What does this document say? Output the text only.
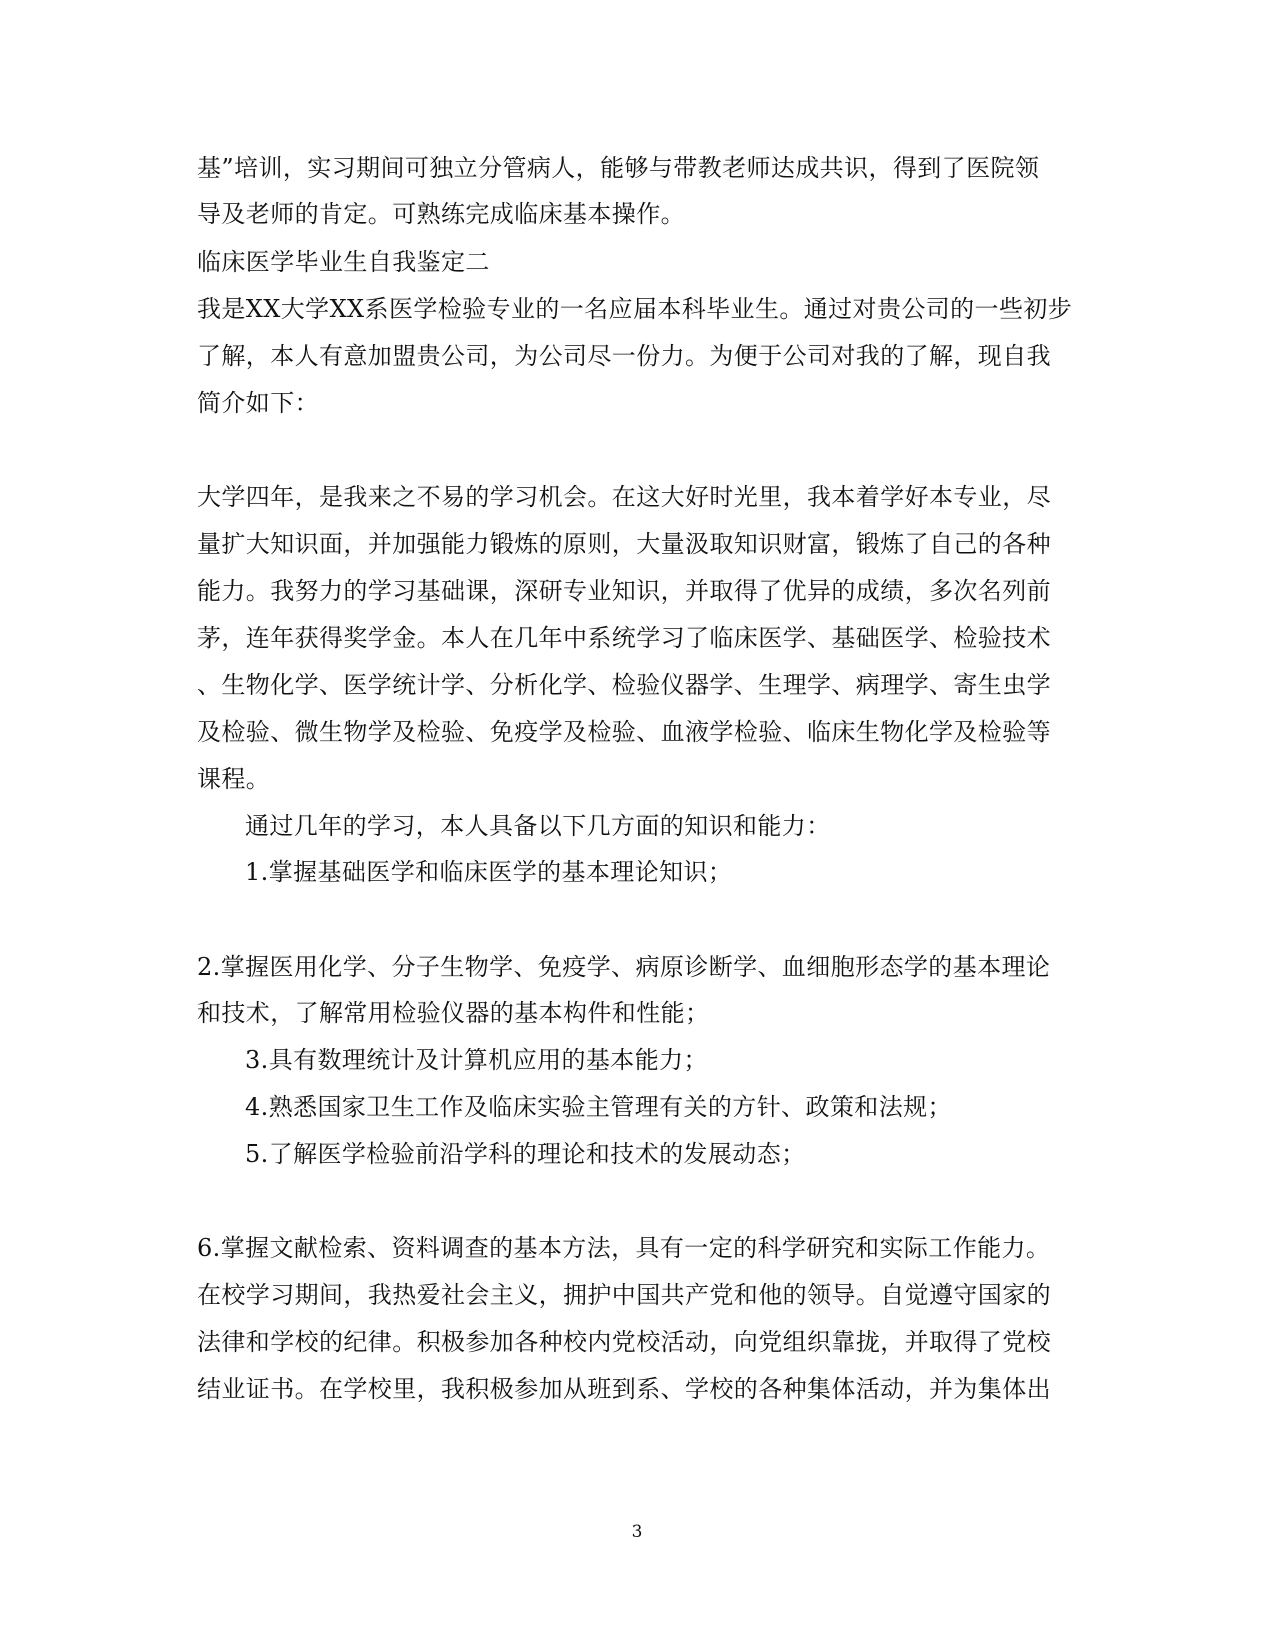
基”培训，实习期间可独立分管病人，能够与带教老师达成共识，得到了医院领
导及老师的肯定。可熟练完成临床基本操作。
临床医学毕业生自我鉴定二
我是XX大学XX系医学检验专业的一名应届本科毕业生。通过对贵公司的一些初步
了解，本人有意加盟贵公司，为公司尽一份力。为便于公司对我的了解，现自我
简介如下：
大学四年，是我来之不易的学习机会。在这大好时光里，我本着学好本专业，尽
量扩大知识面，并加强能力锻炼的原则，大量汲取知识财富，锻炼了自己的各种
能力。我努力的学习基础课，深研专业知识，并取得了优异的成绩，多次名列前
茅，连年获得奖学金。本人在几年中系统学习了临床医学、基础医学、检验技术
、生物化学、医学统计学、分析化学、检验仪器学、生理学、病理学、寄生虫学
及检验、微生物学及检验、免疫学及检验、血液学检验、临床生物化学及检验等
课程。
通过几年的学习，本人具备以下几方面的知识和能力：
1.掌握基础医学和临床医学的基本理论知识；
2.掌握医用化学、分子生物学、免疫学、病原诊断学、血细胞形态学的基本理论
和技术，了解常用检验仪器的基本构件和性能；
3.具有数理统计及计算机应用的基本能力；
4.熟悉国家卫生工作及临床实验主管理有关的方针、政策和法规；
5.了解医学检验前沿学科的理论和技术的发展动态；
6.掌握文献检索、资料调查的基本方法，具有一定的科学研究和实际工作能力。
在校学习期间，我热爱社会主义，拥护中国共产党和他的领导。自觉遵守国家的
法律和学校的纪律。积极参加各种校内党校活动，向党组织靠拢，并取得了党校
结业证书。在学校里，我积极参加从班到系、学校的各种集体活动，并为集体出
3
